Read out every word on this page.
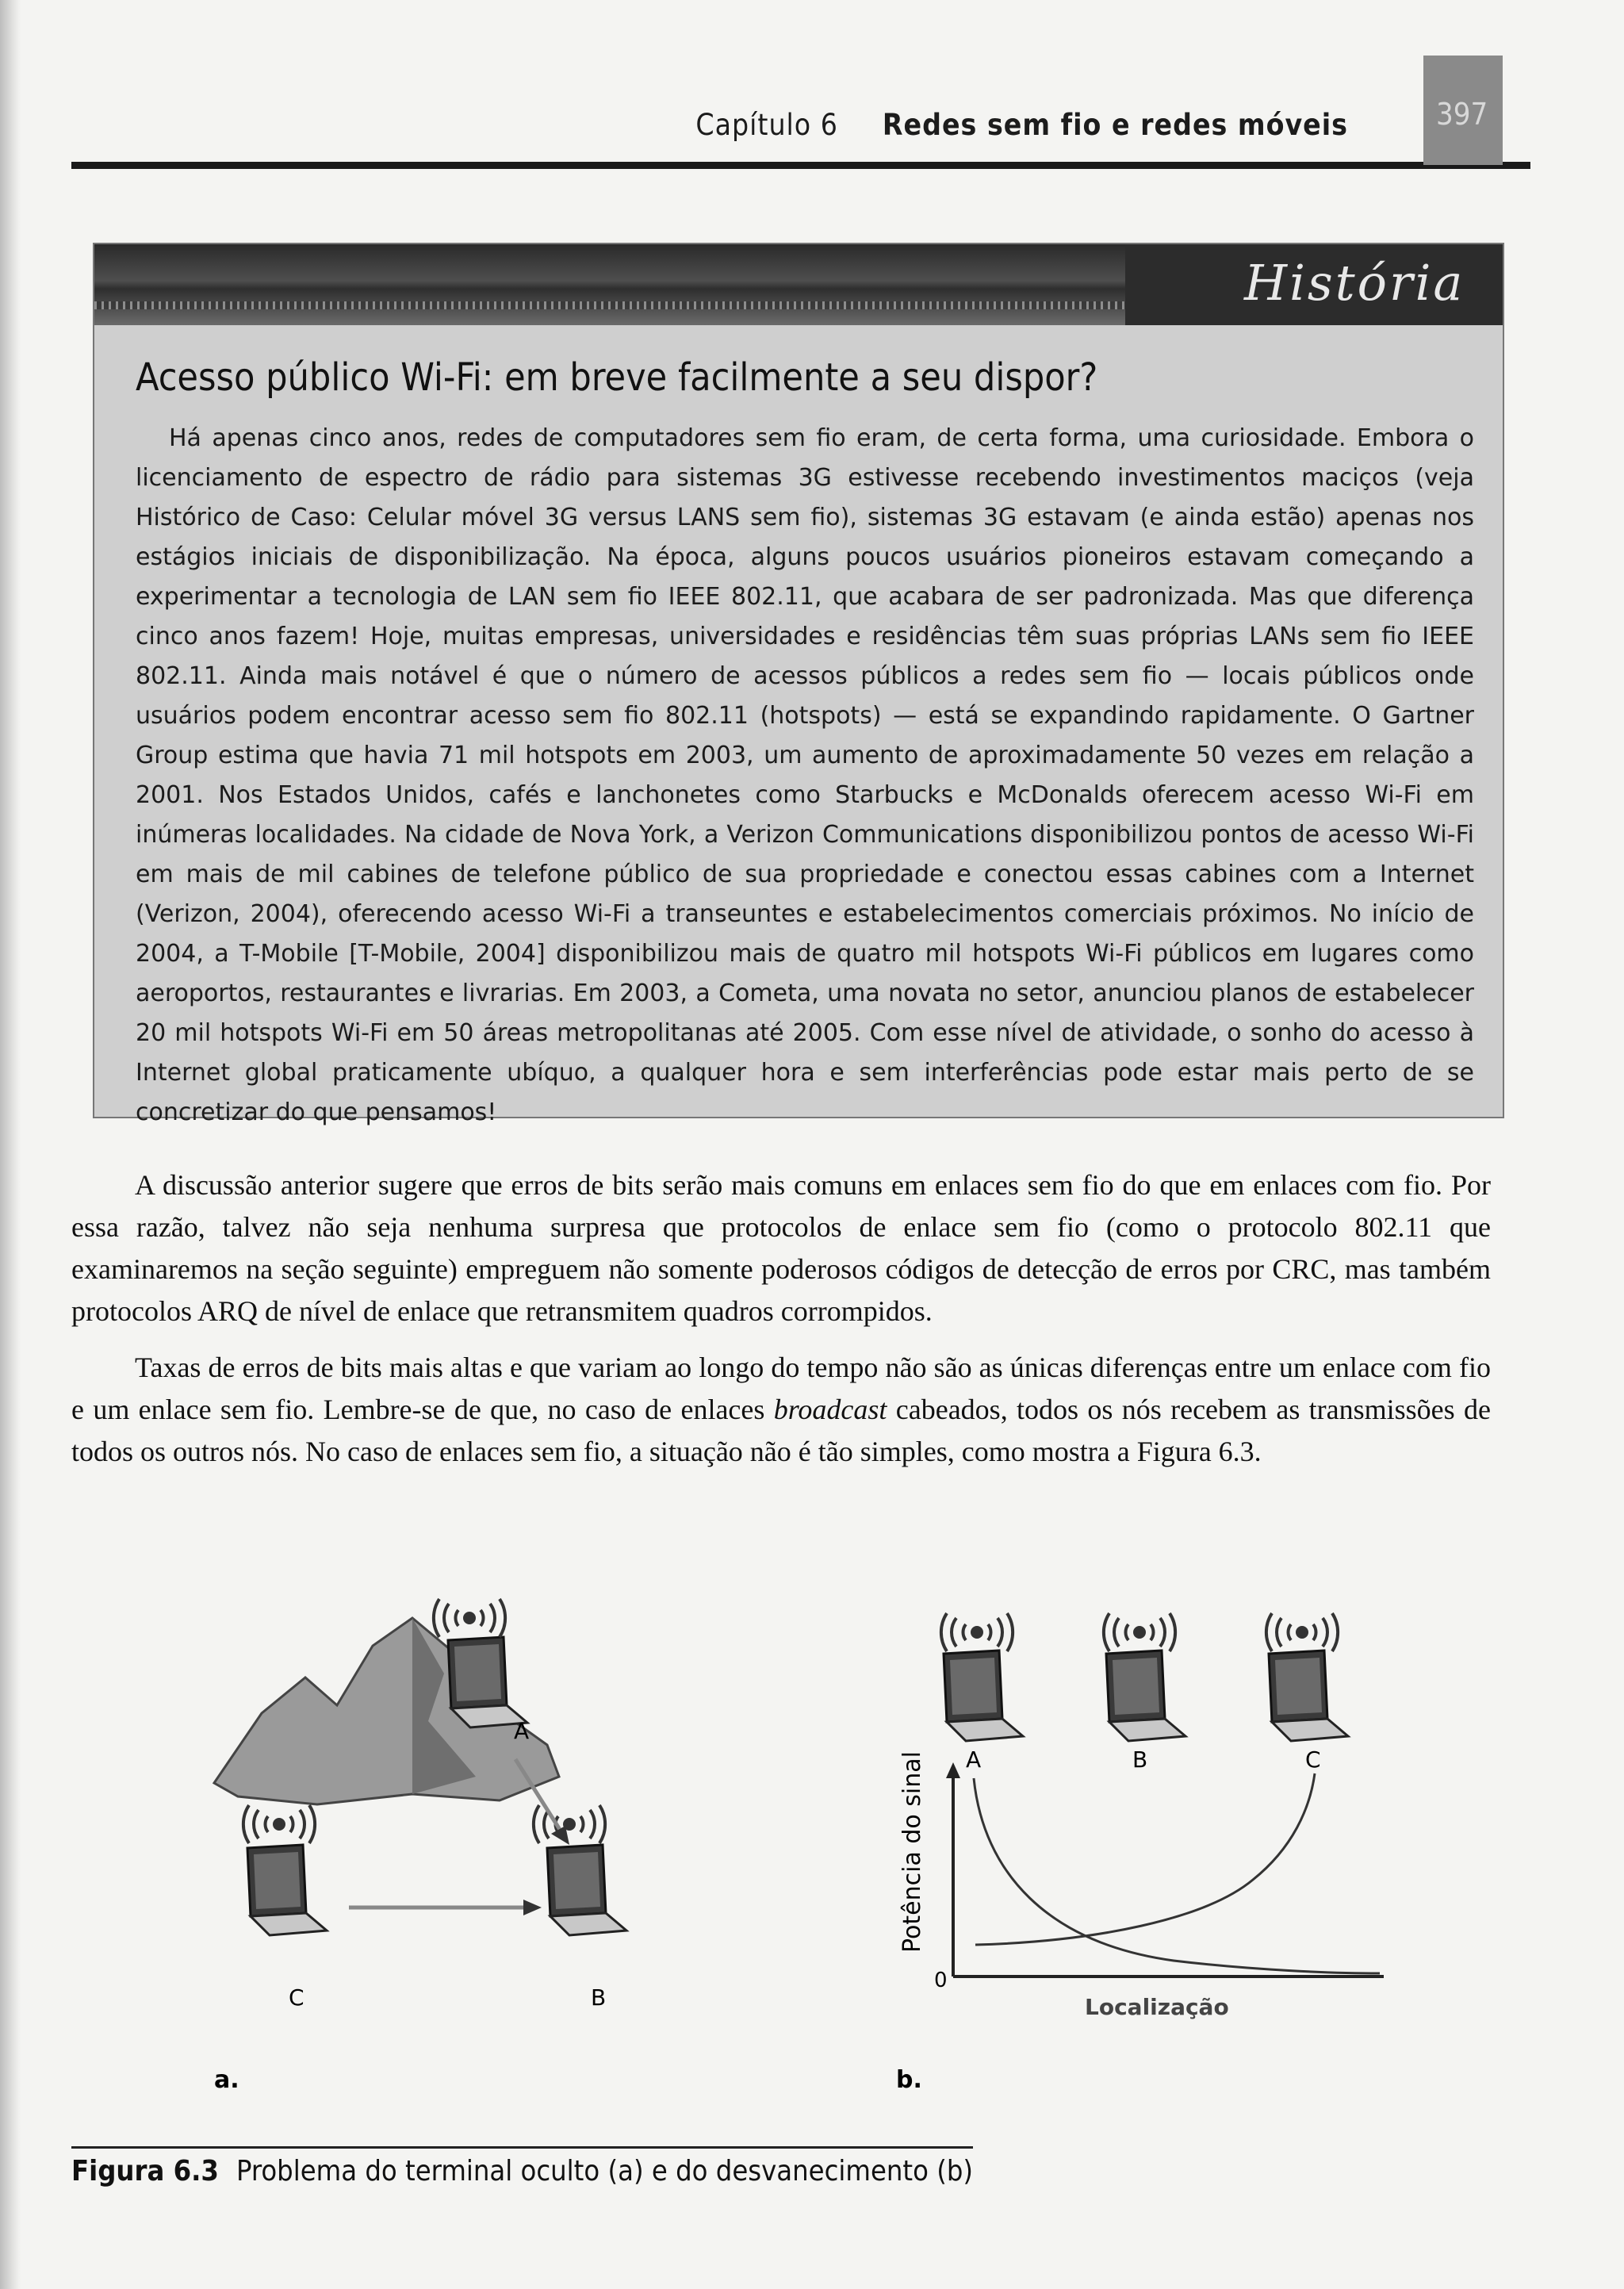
Capítulo 6 Redes sem fio e redes móveis	397
História
Acesso público Wi-Fi: em breve facilmente a seu dispor?

Há apenas cinco anos, redes de computadores sem fio eram, de certa forma, uma curiosidade. Embora o licenciamento de espectro de rádio para sistemas 3G estivesse recebendo investimentos maciços (veja Histórico de Caso: Celular móvel 3G versus LANS sem fio), sistemas 3G estavam (e ainda estão) apenas nos estágios iniciais de disponibilização. Na época, alguns poucos usuários pioneiros estavam começando a experimentar a tecnologia de LAN sem fio IEEE 802.11, que acabara de ser padronizada. Mas que diferença cinco anos fazem! Hoje, muitas empresas, universidades e residências têm suas próprias LANs sem fio IEEE 802.11. Ainda mais notável é que o número de acessos públicos a redes sem fio — locais públicos onde usuários podem encontrar acesso sem fio 802.11 (hotspots) — está se expandindo rapidamente. O Gartner Group estima que havia 71 mil hotspots em 2003, um aumento de aproximadamente 50 vezes em relação a 2001. Nos Estados Unidos, cafés e lanchonetes como Starbucks e McDonalds oferecem acesso Wi-Fi em inúmeras localidades. Na cidade de Nova York, a Verizon Communications disponibilizou pontos de acesso Wi-Fi em mais de mil cabines de telefone público de sua propriedade e conectou essas cabines com a Internet (Verizon, 2004), oferecendo acesso Wi-Fi a transeuntes e estabelecimentos comerciais próximos. No início de 2004, a T-Mobile [T-Mobile, 2004] disponibilizou mais de quatro mil hotspots Wi-Fi públicos em lugares como aeroportos, restaurantes e livrarias. Em 2003, a Cometa, uma novata no setor, anunciou planos de estabelecer 20 mil hotspots Wi-Fi em 50 áreas metropolitanas até 2005. Com esse nível de atividade, o sonho do acesso à Internet global praticamente ubíquo, a qualquer hora e sem interferências pode estar mais perto de se concretizar do que pensamos!

A discussão anterior sugere que erros de bits serão mais comuns em enlaces sem fio do que em enlaces com fio. Por essa razão, talvez não seja nenhuma surpresa que protocolos de enlace sem fio (como o protocolo 802.11 que examinaremos na seção seguinte) empreguem não somente poderosos códigos de detecção de erros por CRC, mas também protocolos ARQ de nível de enlace que retransmitem quadros corrompidos.

Taxas de erros de bits mais altas e que variam ao longo do tempo não são as únicas diferenças entre um enlace com fio e um enlace sem fio. Lembre-se de que, no caso de enlaces broadcast cabeados, todos os nós recebem as transmissões de todos os outros nós. No caso de enlaces sem fio, a situação não é tão simples, como mostra a Figura 6.3.

A
C	B
a.
A	B	C
0
Potência do sinal
Localização
b.
Figura 6.3 Problema do terminal oculto (a) e do desvanecimento (b)
